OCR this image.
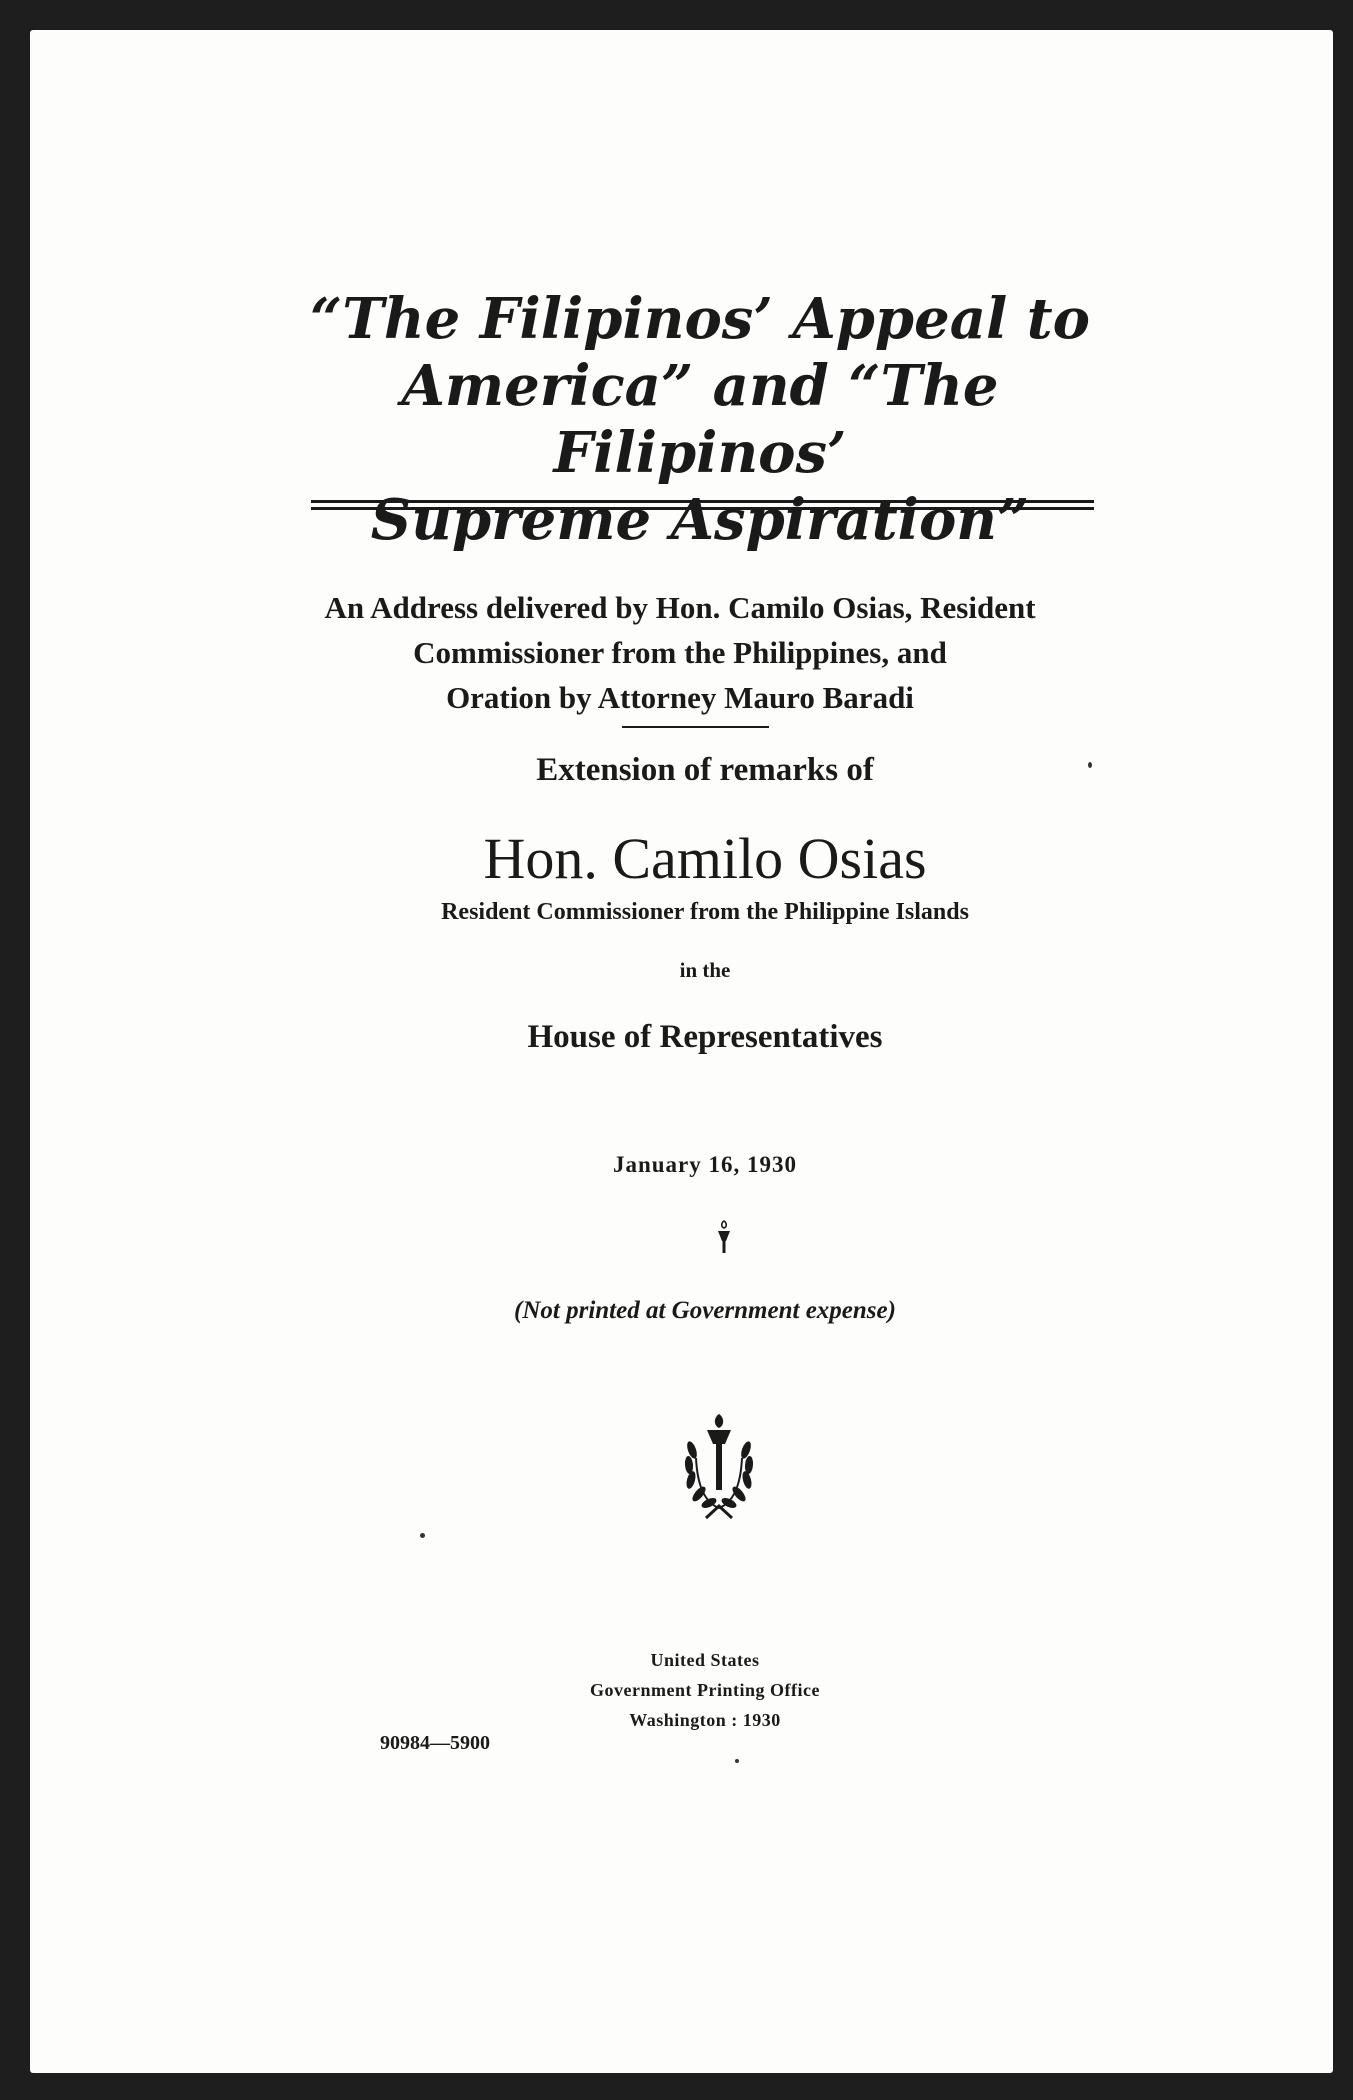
“The Filipinos’ Appeal to
America” and “The Filipinos’
Supreme Aspiration”
An Address delivered by Hon. Camilo Osias, Resident
Commissioner from the Philippines, and
Oration by Attorney Mauro Baradi
Extension of remarks of
Hon. Camilo Osias
Resident Commissioner from the Philippine Islands
in the
House of Representatives
January 16, 1930
(Not printed at Government expense)
United States
Government Printing Office
Washington : 1930
90984—5900
